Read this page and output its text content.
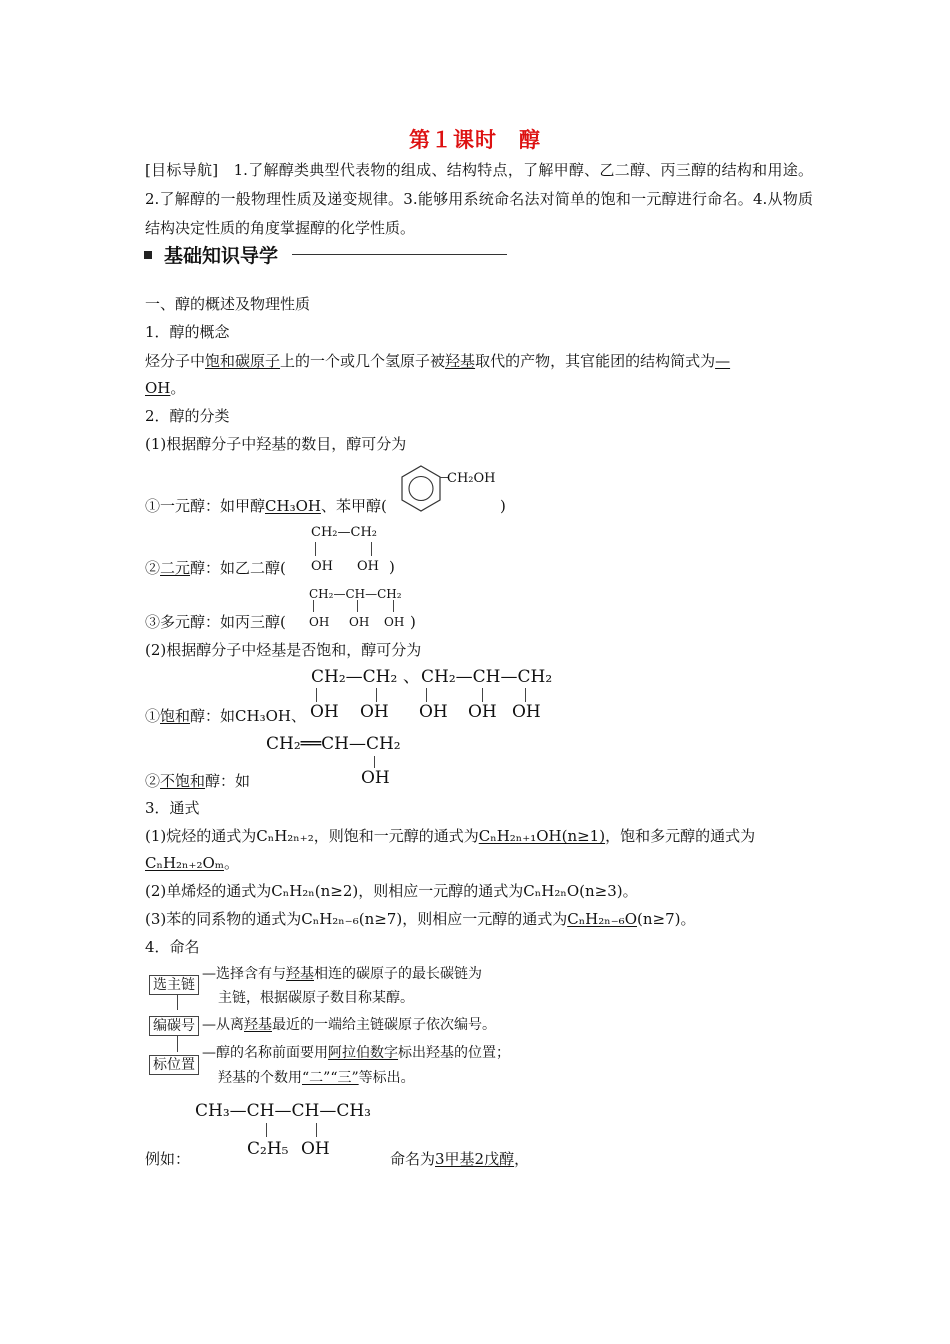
第１课时　醇
[目标导航]　1.了解醇类典型代表物的组成、结构特点，了解甲醇、乙二醇、丙三醇的结构和用途。2.了解醇的一般物理性质及递变规律。3.能够用系统命名法对简单的饱和一元醇进行命名。4.从物质结构决定性质的角度掌握醇的化学性质。
基础知识导学
一、醇的概述及物理性质
1．醇的概念
烃分子中饱和碳原子上的一个或几个氢原子被羟基取代的产物，其官能团的结构简式为—
OH。
2．醇的分类
(1)根据醇分子中羟基的数目，醇可分为
①一元醇：如甲醇CH₃OH、苯甲醇(
CH₂OH
)
CH₂—CH₂
②二元醇：如乙二醇( OH OH )
CH₂—CH—CH₂
③多元醇：如丙三醇( OH OH OH )
(2)根据醇分子中烃基是否饱和，醇可分为
CH₂—CH₂ 、 CH₂—CH—CH₂
①饱和醇：如CH₃OH、 OH OH OH OH OH
CH₂══CH—CH₂
②不饱和醇：如	OH
3．通式
(1)烷烃的通式为CₙH₂ₙ₊₂，则饱和一元醇的通式为CₙH₂ₙ₊₁OH(n≥1)，饱和多元醇的通式为
CₙH₂ₙ₊₂Oₘ。
(2)单烯烃的通式为CₙH₂ₙ(n≥2)，则相应一元醇的通式为CₙH₂ₙO(n≥3)。
(3)苯的同系物的通式为CₙH₂ₙ₋₆(n≥7)，则相应一元醇的通式为CₙH₂ₙ₋₆O(n≥7)。
4．命名
选主链
—选择含有与羟基相连的碳原子的最长碳链为
主链，根据碳原子数目称某醇。
编碳号 —从离羟基最近的一端给主链碳原子依次编号。
标位置
—醇的名称前面要用阿拉伯数字标出羟基的位置；
羟基的个数用“二”“三”等标出。
CH₃—CH—CH—CH₃
例如：	C₂H₅ OH	命名为3甲基2戊醇，
